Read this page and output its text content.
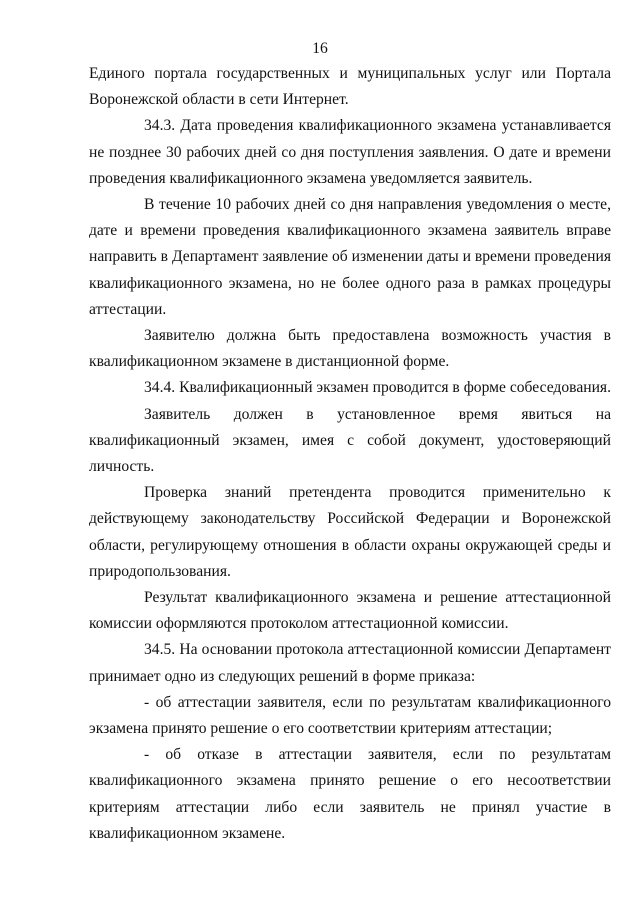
16

Единого портала государственных и муниципальных услуг или Портала Воронежской области в сети Интернет.

34.3. Дата проведения квалификационного экзамена устанавливается не позднее 30 рабочих дней со дня поступления заявления. О дате и времени проведения квалификационного экзамена уведомляется заявитель.

В течение 10 рабочих дней со дня направления уведомления о месте, дате и времени проведения квалификационного экзамена заявитель вправе направить в Департамент заявление об изменении даты и времени проведения квалификационного экзамена, но не более одного раза в рамках процедуры аттестации.

Заявителю должна быть предоставлена возможность участия в квалификационном экзамене в дистанционной форме.

34.4. Квалификационный экзамен проводится в форме собеседования.

Заявитель должен в установленное время явиться на квалификационный экзамен, имея с собой документ, удостоверяющий личность.

Проверка знаний претендента проводится применительно к действующему законодательству Российской Федерации и Воронежской области, регулирующему отношения в области охраны окружающей среды и природопользования.

Результат квалификационного экзамена и решение аттестационной комиссии оформляются протоколом аттестационной комиссии.

34.5. На основании протокола аттестационной комиссии Департамент принимает одно из следующих решений в форме приказа:

- об аттестации заявителя, если по результатам квалификационного экзамена принято решение о его соответствии критериям аттестации;

- об отказе в аттестации заявителя, если по результатам квалификационного экзамена принято решение о его несоответствии критериям аттестации либо если заявитель не принял участие в квалификационном экзамене.
